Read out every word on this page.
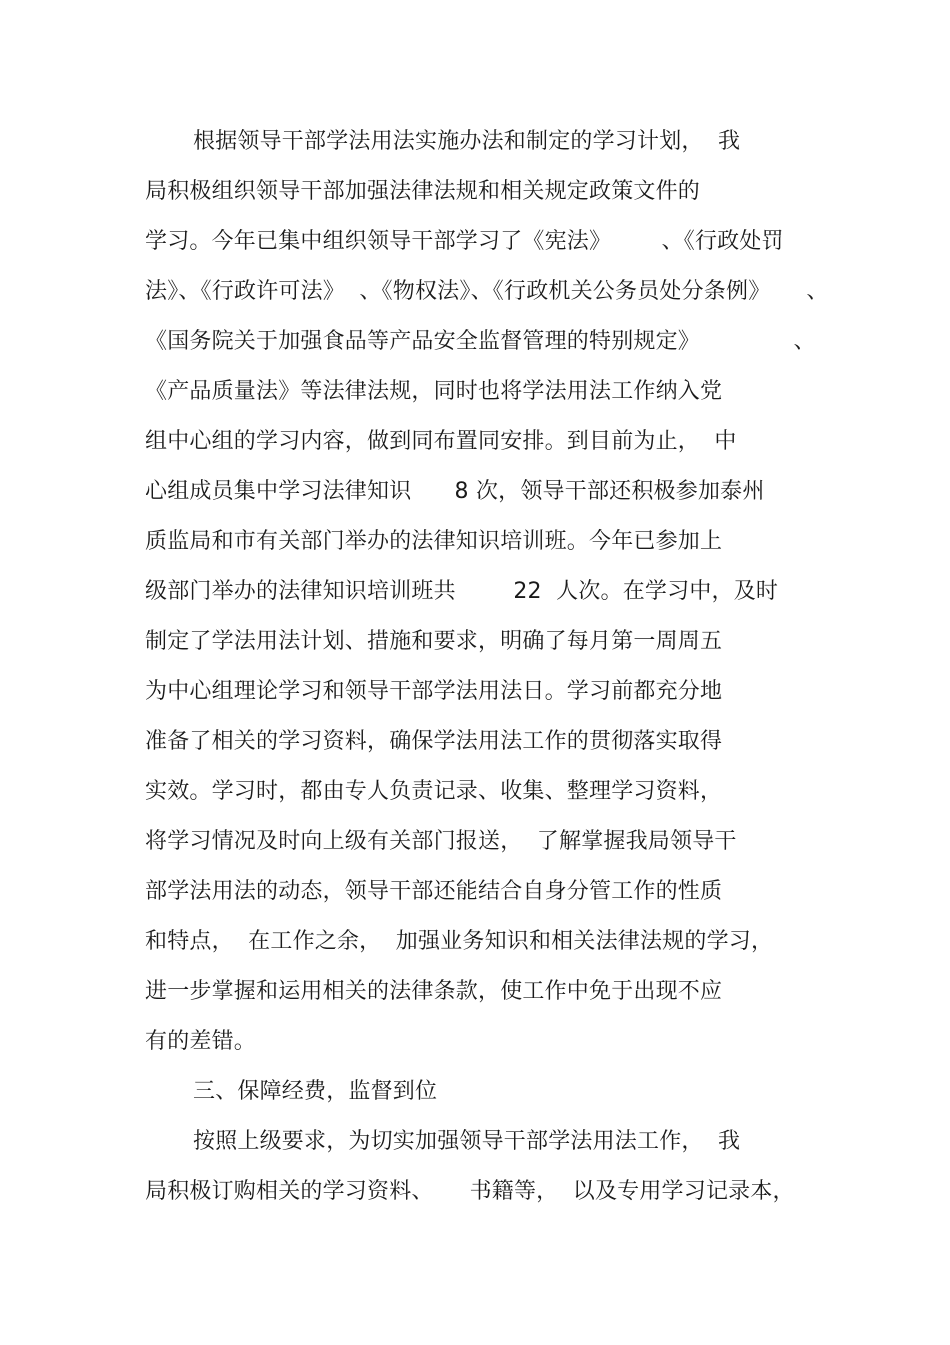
根据领导干部学法用法实施办法和制定的学习计划，  我
局积极组织领导干部加强法律法规和相关规定政策文件的
学习。今年已集中组织领导干部学习了《宪法》       、《行政处罚
法》、《行政许可法》  、《物权法》、《行政机关公务员处分条例》     、
《国务院关于加强食品等产品安全监督管理的特别规定》             、
《产品质量法》等法律法规，同时也将学法用法工作纳入党
组中心组的学习内容，做到同布置同安排。到目前为止，  中
心组成员集中学习法律知识      8 次，领导干部还积极参加泰州
质监局和市有关部门举办的法律知识培训班。今年已参加上
级部门举办的法律知识培训班共        22  人次。在学习中，及时
制定了学法用法计划、措施和要求，明确了每月第一周周五
为中心组理论学习和领导干部学法用法日。学习前都充分地
准备了相关的学习资料，确保学法用法工作的贯彻落实取得
实效。学习时，都由专人负责记录、收集、整理学习资料，
将学习情况及时向上级有关部门报送，  了解掌握我局领导干
部学法用法的动态，领导干部还能结合自身分管工作的性质
和特点，  在工作之余，  加强业务知识和相关法律法规的学习，
进一步掌握和运用相关的法律条款，使工作中免于出现不应
有的差错。
三、保障经费，监督到位
按照上级要求，为切实加强领导干部学法用法工作，  我
局积极订购相关的学习资料、     书籍等，  以及专用学习记录本，
